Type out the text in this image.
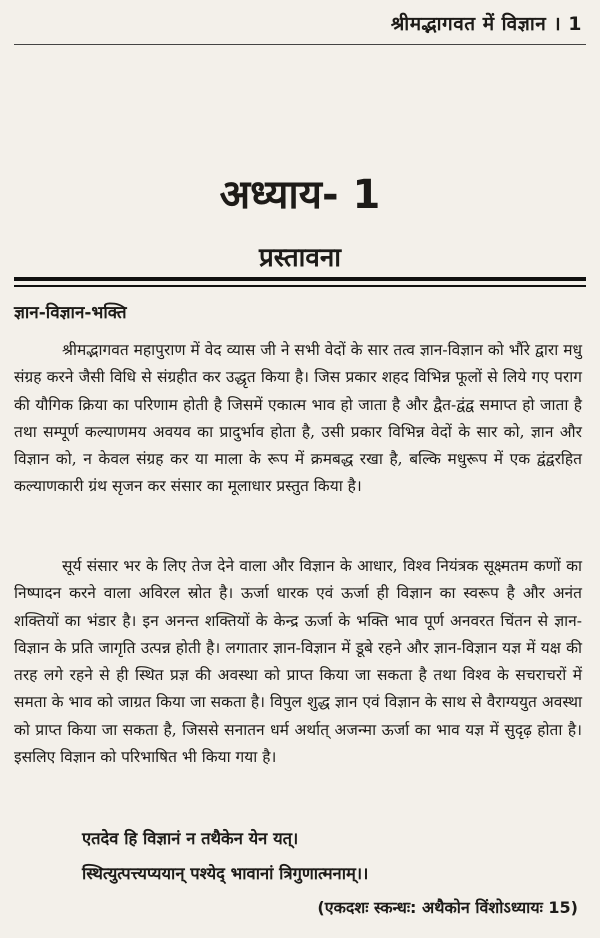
श्रीमद्भागवत में विज्ञान । 1
अध्याय- 1
प्रस्तावना
ज्ञान-विज्ञान-भक्ति

श्रीमद्भागवत महापुराण में वेद व्यास जी ने सभी वेदों के सार तत्व ज्ञान-विज्ञान को भौंरे द्वारा मधु संग्रह करने जैसी विधि से संग्रहीत कर उद्धृत किया है। जिस प्रकार शहद विभिन्न फूलों से लिये गए पराग की यौगिक क्रिया का परिणाम होती है जिसमें एकात्म भाव हो जाता है और द्वैत-द्वंद्व समाप्त हो जाता है तथा सम्पूर्ण कल्याणमय अवयव का प्रादुर्भाव होता है, उसी प्रकार विभिन्न वेदों के सार को, ज्ञान और विज्ञान को, न केवल संग्रह कर या माला के रूप में क्रमबद्ध रखा है, बल्कि मधुरूप में एक द्वंद्वरहित कल्याणकारी ग्रंथ सृजन कर संसार का मूलाधार प्रस्तुत किया है।

सूर्य संसार भर के लिए तेज देने वाला और विज्ञान के आधार, विश्व नियंत्रक सूक्ष्मतम कणों का निष्पादन करने वाला अविरल स्रोत है। ऊर्जा धारक एवं ऊर्जा ही विज्ञान का स्वरूप है और अनंत शक्तियों का भंडार है। इन अनन्त शक्तियों के केन्द्र ऊर्जा के भक्ति भाव पूर्ण अनवरत चिंतन से ज्ञान-विज्ञान के प्रति जागृति उत्पन्न होती है। लगातार ज्ञान-विज्ञान में डूबे रहने और ज्ञान-विज्ञान यज्ञ में यक्ष की तरह लगे रहने से ही स्थित प्रज्ञ की अवस्था को प्राप्त किया जा सकता है तथा विश्व के सचराचरों में समता के भाव को जाग्रत किया जा सकता है। विपुल शुद्ध ज्ञान एवं विज्ञान के साथ से वैराग्ययुत अवस्था को प्राप्त किया जा सकता है, जिससे सनातन धर्म अर्थात् अजन्मा ऊर्जा का भाव यज्ञ में सुदृढ़ होता है। इसलिए विज्ञान को परिभाषित भी किया गया है।

एतदेव हि विज्ञानं न तथैकेन येन यत्।
स्थित्युत्पत्त्यप्ययान् पश्येद् भावानां त्रिगुणात्मनाम्।।
(एकदशः स्कन्धः: अथैकोन विंशोऽध्यायः 15)
